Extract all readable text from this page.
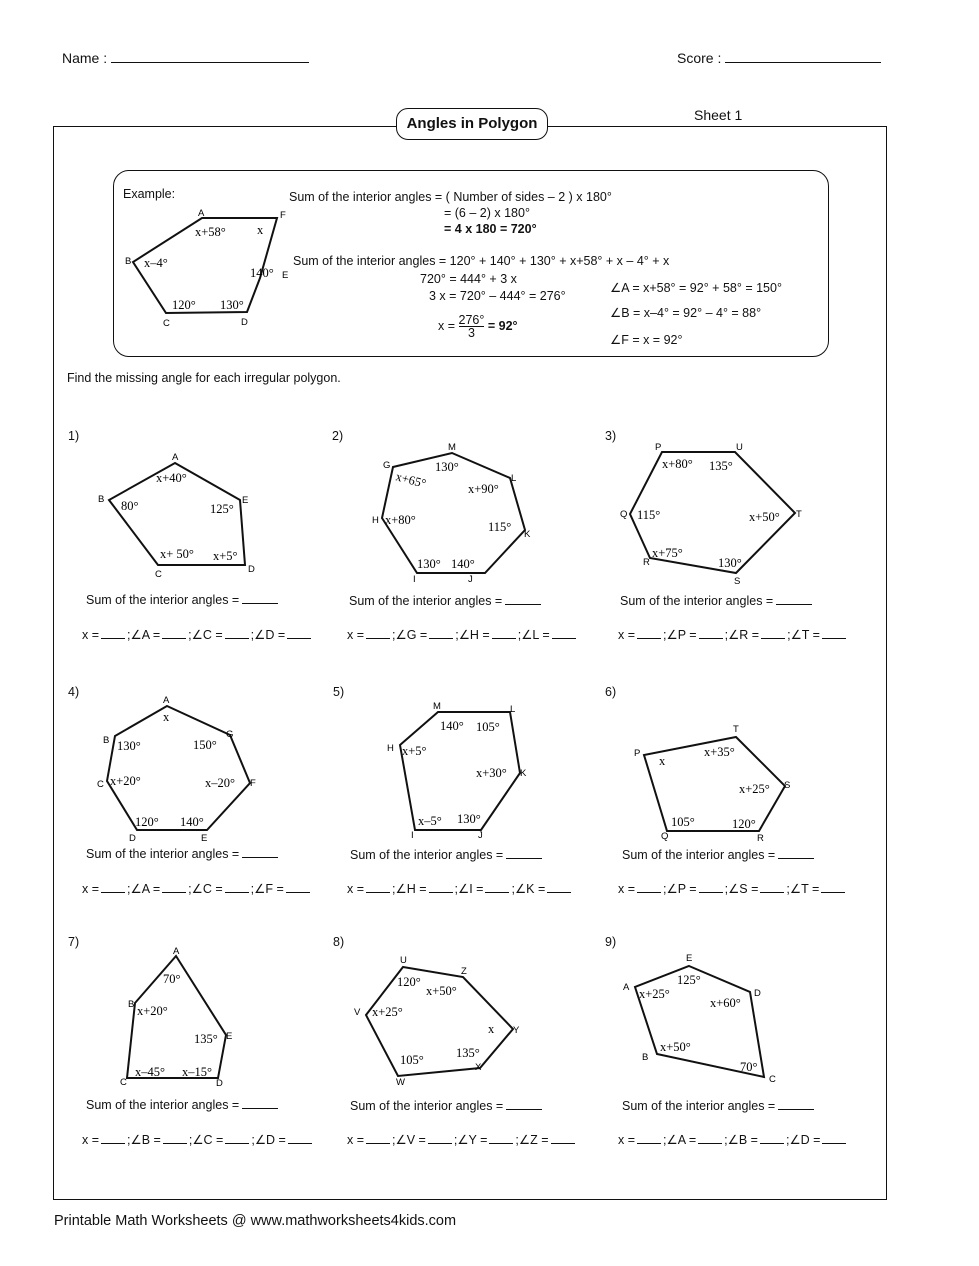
Name :	Score :
Sheet 1
Angles in Polygon
Example:	Sum of the interior angles = ( Number of sides – 2 ) x 180°
= (6 – 2) x 180°
= 4 x 180 = 720°
Sum of the interior angles = 120° + 140° + 130° + x+58° + x – 4° + x
720° = 444° + 3 x
3 x = 720° – 444° = 276°
$x = \frac{276^\circ}{3} = 92^\circ$
∠A = x+58° = 92° + 58° = 150°
∠B = x–4° = 92° – 4° = 88°
∠F = x = 92°
A	F
E
D
C
B
x+58° x
140°
130°
120°
x–4°
Find the missing angle for each irregular polygon.
1)	2)	3)
A
E
D
C
B
x+40°
125°
x+5°
x+ 50°
80°
M
L
K
J
I
H
G	130°
x+90°
115°
140°
130°
x+80°
x+65°
U
T
S
R
Q
P
135°
x+50°
130°
x+75°
115°
x+80°
Sum of the interior angles =	Sum of the interior angles =	Sum of the interior angles =
x = ;∠A = ;∠C = ;∠D =	x = ;∠G = ;∠H = ;∠L =	x = ;∠P = ;∠R = ;∠T =
4)	5)	6)
A
G
F
E
D
C
B
x
150°
x–20°
140°
120°
x+20°
130°
L
K
J
I
H
M
105°
x+30°
130°
x–5°
x+5°
140°	T
S
R
Q
P	x+35°
x+25°
120°
105°
x
Sum of the interior angles =	Sum of the interior angles =	Sum of the interior angles =
x = ;∠A = ;∠C = ;∠F =	x = ;∠H = ;∠I = ;∠K =	x = ;∠P = ;∠S = ;∠T =
7)	8)	9)
A
E
D
C
B
70°
135°
x–15°
x–45°
x+20°
U
Z
Y
X
W
V
120°
x+50°
x
135°
105°
x+25°
E
D
C
B
A
125°
x+60°
70°
x+50°
x+25°
Sum of the interior angles =	Sum of the interior angles =	Sum of the interior angles =
x = ;∠B = ;∠C = ;∠D =	x = ;∠V = ;∠Y = ;∠Z =	x = ;∠A = ;∠B = ;∠D =
Printable Math Worksheets @ www.mathworksheets4kids.com
